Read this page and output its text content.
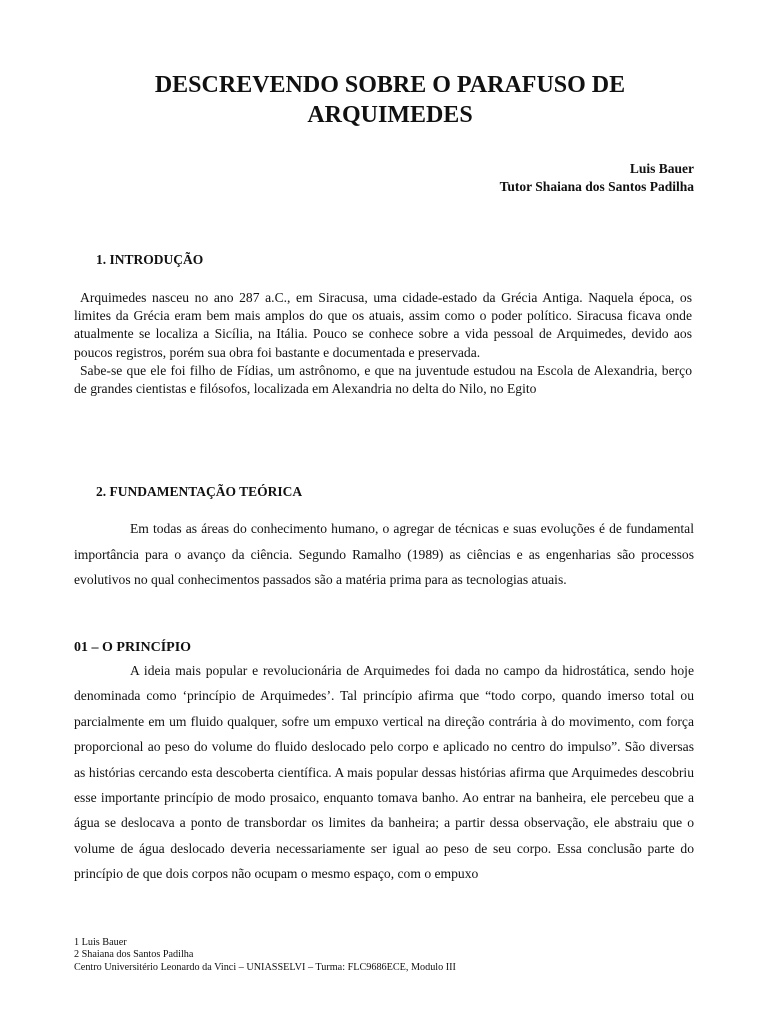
DESCREVENDO SOBRE O PARAFUSO DE
ARQUIMEDES
Luis Bauer
Tutor Shaiana dos Santos Padilha
1. INTRODUÇÃO

Arquimedes nasceu no ano 287 a.C., em Siracusa, uma cidade-estado da Grécia Antiga. Naquela época, os limites da Grécia eram bem mais amplos do que os atuais, assim como o poder político. Siracusa ficava onde atualmente se localiza a Sicília, na Itália. Pouco se conhece sobre a vida pessoal de Arquimedes, devido aos poucos registros, porém sua obra foi bastante e documentada e preservada.

Sabe-se que ele foi filho de Fídias, um astrônomo, e que na juventude estudou na Escola de Alexandria, berço de grandes cientistas e filósofos, localizada em Alexandria no delta do Nilo, no Egito

2. FUNDAMENTAÇÃO TEÓRICA

Em todas as áreas do conhecimento humano, o agregar de técnicas e suas evoluções é de fundamental importância para o avanço da ciência. Segundo Ramalho (1989) as ciências e as engenharias são processos evolutivos no qual conhecimentos passados são a matéria prima para as tecnologias atuais.

01 – O PRINCÍPIO

A ideia mais popular e revolucionária de Arquimedes foi dada no campo da hidrostática, sendo hoje denominada como ‘princípio de Arquimedes’. Tal princípio afirma que “todo corpo, quando imerso total ou parcialmente em um fluido qualquer, sofre um empuxo vertical na direção contrária à do movimento, com força proporcional ao peso do volume do fluido deslocado pelo corpo e aplicado no centro do impulso”. São diversas as histórias cercando esta descoberta científica. A mais popular dessas histórias afirma que Arquimedes descobriu esse importante princípio de modo prosaico, enquanto tomava banho. Ao entrar na banheira, ele percebeu que a água se deslocava a ponto de transbordar os limites da banheira; a partir dessa observação, ele abstraiu que o volume de água deslocado deveria necessariamente ser igual ao peso de seu corpo. Essa conclusão parte do princípio de que dois corpos não ocupam o mesmo espaço, com o empuxo

1 Luis Bauer
2 Shaiana dos Santos Padilha
Centro Universitério Leonardo da Vinci – UNIASSELVI – Turma: FLC9686ECE, Modulo III
